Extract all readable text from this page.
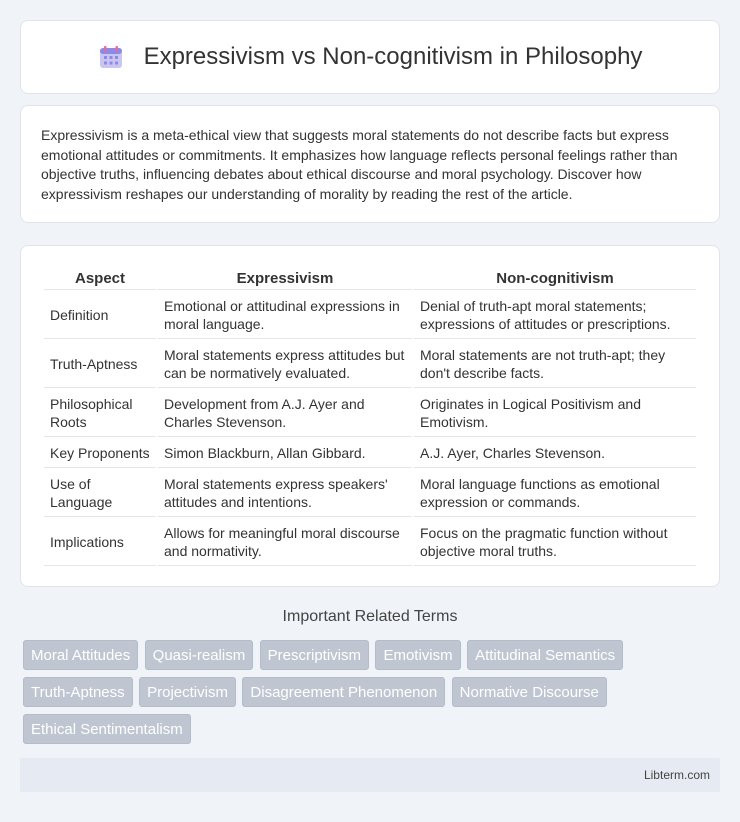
Expressivism vs Non-cognitivism in Philosophy

Expressivism is a meta-ethical view that suggests moral statements do not describe facts but express emotional attitudes or commitments. It emphasizes how language reflects personal feelings rather than objective truths, influencing debates about ethical discourse and moral psychology. Discover how expressivism reshapes our understanding of morality by reading the rest of the article.

Aspect	Expressivism	Non-cognitivism
Definition	Emotional or attitudinal expressions in moral language.	Denial of truth-apt moral statements; expressions of attitudes or prescriptions.
Truth-Aptness	Moral statements express attitudes but can be normatively evaluated.	Moral statements are not truth-apt; they don't describe facts.
Philosophical Roots	Development from A.J. Ayer and Charles Stevenson.	Originates in Logical Positivism and Emotivism.
Key Proponents	Simon Blackburn, Allan Gibbard.	A.J. Ayer, Charles Stevenson.
Use of Language	Moral statements express speakers' attitudes and intentions.	Moral language functions as emotional expression or commands.
Implications	Allows for meaningful moral discourse and normativity.	Focus on the pragmatic function without objective moral truths.
Important Related Terms
Moral Attitudes Quasi-realism Prescriptivism Emotivism Attitudinal Semantics Truth-Aptness Projectivism Disagreement Phenomenon Normative Discourse Ethical Sentimentalism
Libterm.com
